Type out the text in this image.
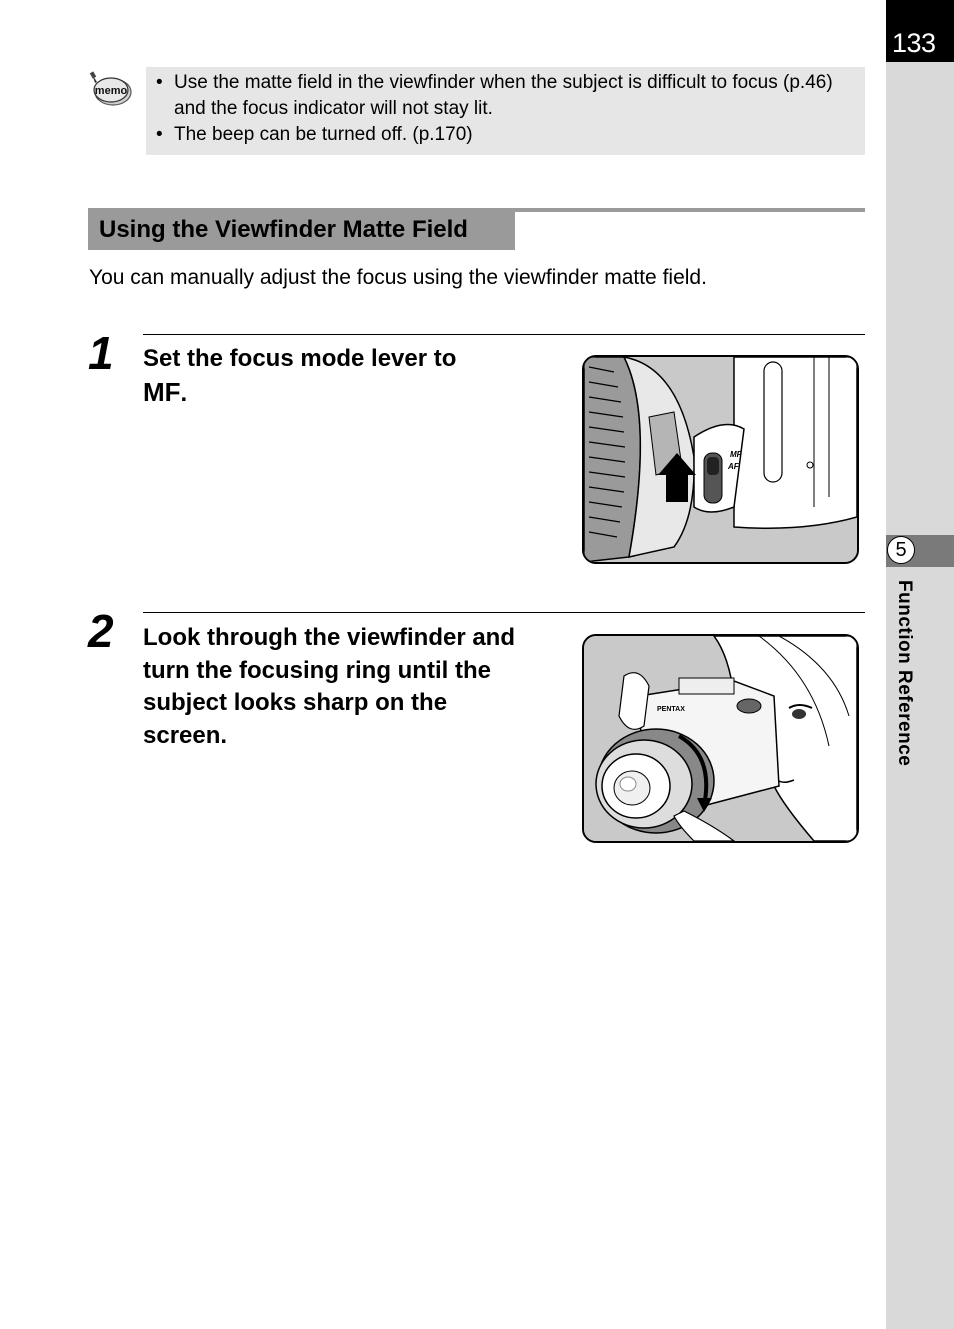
133
5
Function Reference
memo • Use the matte field in the viewfinder when the subject is difficult to focus (p.46) and the focus indicator will not stay lit.
• The beep can be turned off. (p.170)
Using the Viewfinder Matte Field
You can manually adjust the focus using the viewfinder matte field.
1 Set the focus mode lever to
MF.
MF
AF
2 Look through the viewfinder and turn the focusing ring until the subject looks sharp on the screen.
PENTAX
